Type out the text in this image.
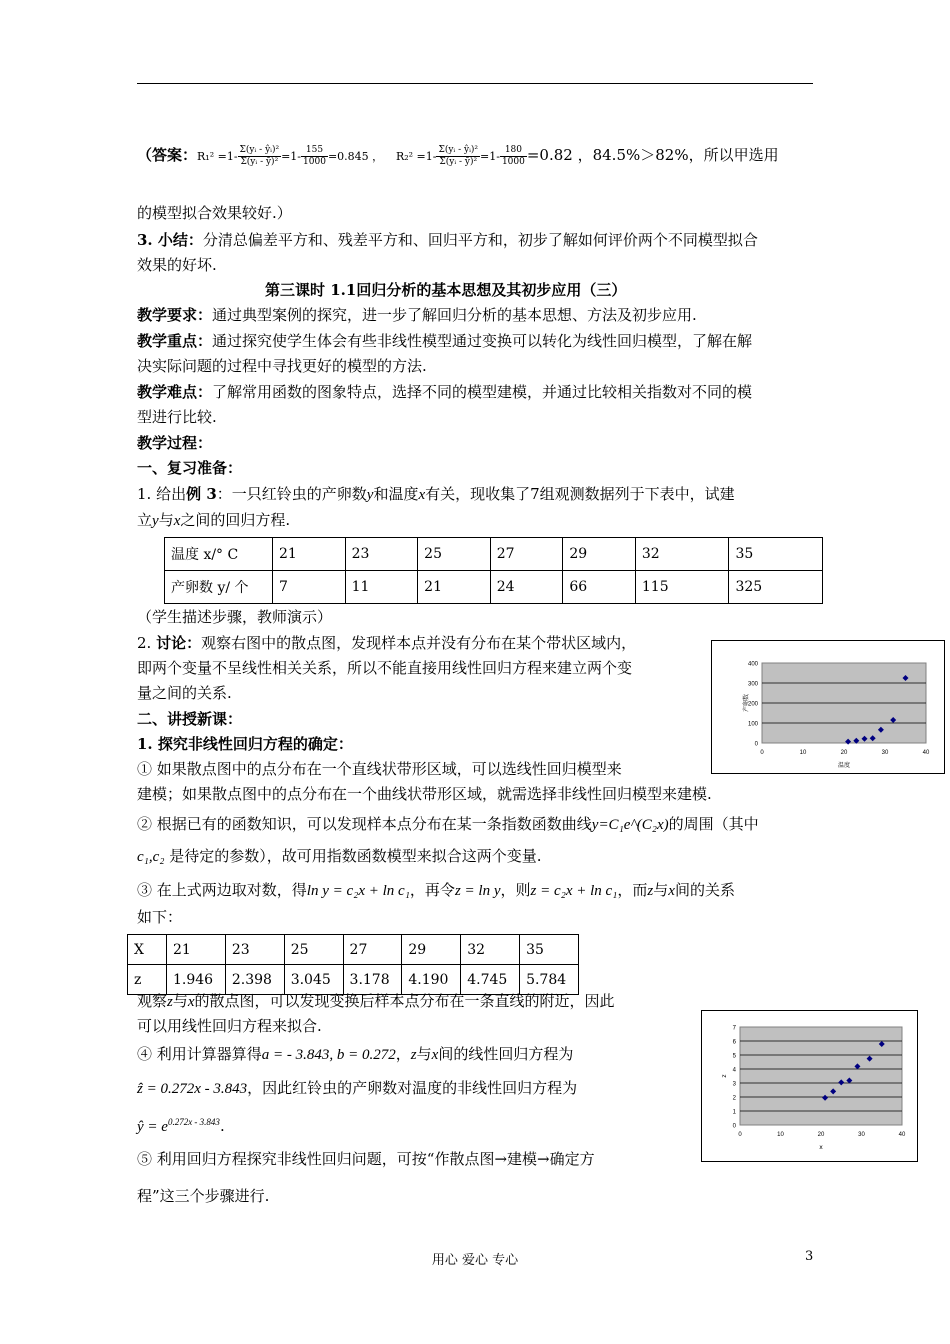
（答案：$R_1^2 =1- \frac{\text{Σ(yᵢ - ŷᵢ)²}}{\text{Σ(yᵢ - ȳ)²}} =1- \frac{155}{1000} =0.845$ ， $R_2^2 =1- \frac{\text{Σ(yᵢ - ŷᵢ)²}}{\text{Σ(yᵢ - ȳ)²}} =1- \frac{180}{1000} =0.82$ ，84.5%＞82%，所以甲选用
的模型拟合效果较好.）
3. 小结：分清总偏差平方和、残差平方和、回归平方和，初步了解如何评价两个不同模型拟合
效果的好坏.
第三课时 1.1回归分析的基本思想及其初步应用（三）
教学要求：通过典型案例的探究，进一步了解回归分析的基本思想、方法及初步应用.
教学重点：通过探究使学生体会有些非线性模型通过变换可以转化为线性回归模型，了解在解
决实际问题的过程中寻找更好的模型的方法.
教学难点：了解常用函数的图象特点，选择不同的模型建模，并通过比较相关指数对不同的模
型进行比较.
教学过程：
一、复习准备：
1. 给出例 3：一只红铃虫的产卵数y和温度x有关，现收集了7组观测数据列于下表中，试建
立y与x之间的回归方程.
温度 x/° C	21	23	25	27	29	32	35
产卵数 y/ 个	7	11	21	24	66	115	325
（学生描述步骤，教师演示）
2. 讨论：观察右图中的散点图，发现样本点并没有分布在某个带状区域内，
即两个变量不呈线性相关关系，所以不能直接用线性回归方程来建立两个变
量之间的关系.
二、讲授新课：
1. 探究非线性回归方程的确定：
① 如果散点图中的点分布在一个直线状带形区域，可以选线性回归模型来
建模；如果散点图中的点分布在一个曲线状带形区域，就需选择非线性回归模型来建模.
② 根据已有的函数知识，可以发现样本点分布在某一条指数函数曲线y=C₁e^(C₂x)的周围（其中
c₁,c₂ 是待定的参数），故可用指数函数模型来拟合这两个变量.
③ 在上式两边取对数，得ln y = c₂x + ln c₁，再令z = ln y，则z = c₂x + ln c₁，而z与x间的关系
如下：
X	21	23	25	27	29	32	35
z	1.946	2.398	3.045	3.178	4.190	4.745	5.784
观察z与x的散点图，可以发现变换后样本点分布在一条直线的附近，因此
可以用线性回归方程来拟合.
④ 利用计算器算得a = - 3.843, b = 0.272，z与x间的线性回归方程为
ẑ = 0.272x - 3.843，因此红铃虫的产卵数对温度的非线性回归方程为
ŷ = $e^{0.272x - 3.843}$.
⑤ 利用回归方程探究非线性回归问题，可按“作散点图→建模→确定方
程”这三个步骤进行.
0
100
200
300
400
0	10	20	30	40
温度
产卵数
0
1
2
3
4
5
6
7
0	10	20	30	40
x
z
用心 爱心 专心	3
